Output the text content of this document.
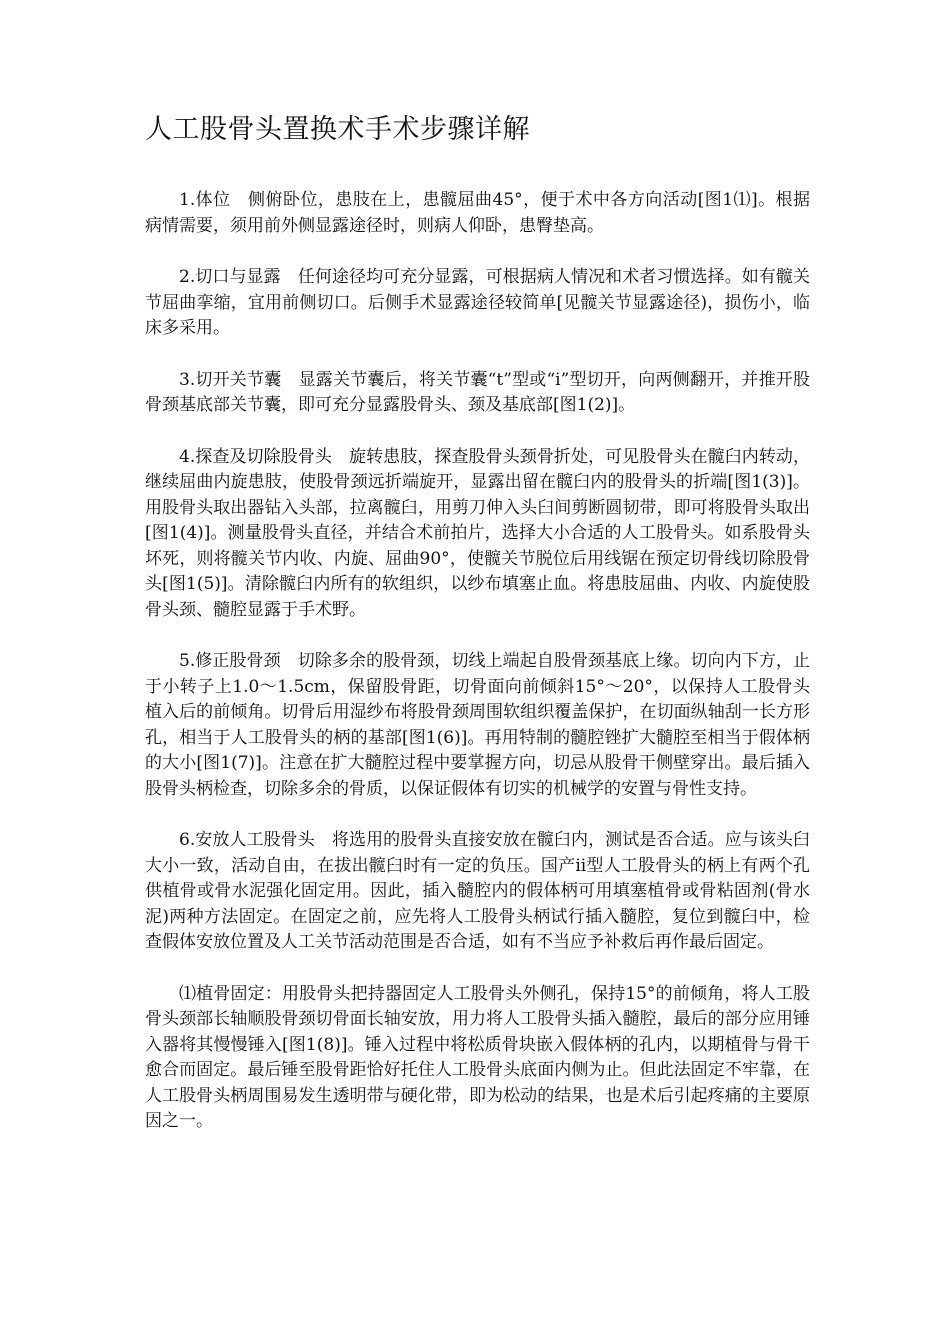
人工股骨头置换术手术步骤详解

1.体位　侧俯卧位，患肢在上，患髋屈曲45°，便于术中各方向活动[图1⑴]。根据病情需要，须用前外侧显露途径时，则病人仰卧，患臀垫高。

2.切口与显露　任何途径均可充分显露，可根据病人情况和术者习惯选择。如有髋关节屈曲挛缩，宜用前侧切口。后侧手术显露途径较简单[见髋关节显露途径)，损伤小，临床多采用。

3.切开关节囊　显露关节囊后，将关节囊“t”型或“i”型切开，向两侧翻开，并推开股骨颈基底部关节囊，即可充分显露股骨头、颈及基底部[图1(2)]。

4.探查及切除股骨头　旋转患肢，探查股骨头颈骨折处，可见股骨头在髋臼内转动，继续屈曲内旋患肢，使股骨颈远折端旋开，显露出留在髋臼内的股骨头的折端[图1(3)]。用股骨头取出器钻入头部，拉离髋臼，用剪刀伸入头臼间剪断圆韧带，即可将股骨头取出[图1(4)]。测量股骨头直径，并结合术前拍片，选择大小合适的人工股骨头。如系股骨头坏死，则将髋关节内收、内旋、屈曲90°，使髋关节脱位后用线锯在预定切骨线切除股骨头[图1(5)]。清除髋臼内所有的软组织，以纱布填塞止血。将患肢屈曲、内收、内旋使股骨头颈、髓腔显露于手术野。

5.修正股骨颈　切除多余的股骨颈，切线上端起自股骨颈基底上缘。切向内下方，止于小转子上1.0～1.5cm，保留股骨距，切骨面向前倾斜15°～20°，以保持人工股骨头植入后的前倾角。切骨后用湿纱布将股骨颈周围软组织覆盖保护，在切面纵轴刮一长方形孔，相当于人工股骨头的柄的基部[图1(6)]。再用特制的髓腔锉扩大髓腔至相当于假体柄的大小[图1(7)]。注意在扩大髓腔过程中要掌握方向，切忌从股骨干侧壁穿出。最后插入股骨头柄检查，切除多余的骨质，以保证假体有切实的机械学的安置与骨性支持。

6.安放人工股骨头　将选用的股骨头直接安放在髋臼内，测试是否合适。应与该头臼大小一致，活动自由，在拔出髋臼时有一定的负压。国产ii型人工股骨头的柄上有两个孔供植骨或骨水泥强化固定用。因此，插入髓腔内的假体柄可用填塞植骨或骨粘固剂(骨水泥)两种方法固定。在固定之前，应先将人工股骨头柄试行插入髓腔，复位到髋臼中，检查假体安放位置及人工关节活动范围是否合适，如有不当应予补救后再作最后固定。

⑴植骨固定：用股骨头把持器固定人工股骨头外侧孔，保持15°的前倾角，将人工股骨头颈部长轴顺股骨颈切骨面长轴安放，用力将人工股骨头插入髓腔，最后的部分应用锤入器将其慢慢锤入[图1(8)]。锤入过程中将松质骨块嵌入假体柄的孔内，以期植骨与骨干愈合而固定。最后锤至股骨距恰好托住人工股骨头底面内侧为止。但此法固定不牢靠，在人工股骨头柄周围易发生透明带与硬化带，即为松动的结果，也是术后引起疼痛的主要原因之一。
